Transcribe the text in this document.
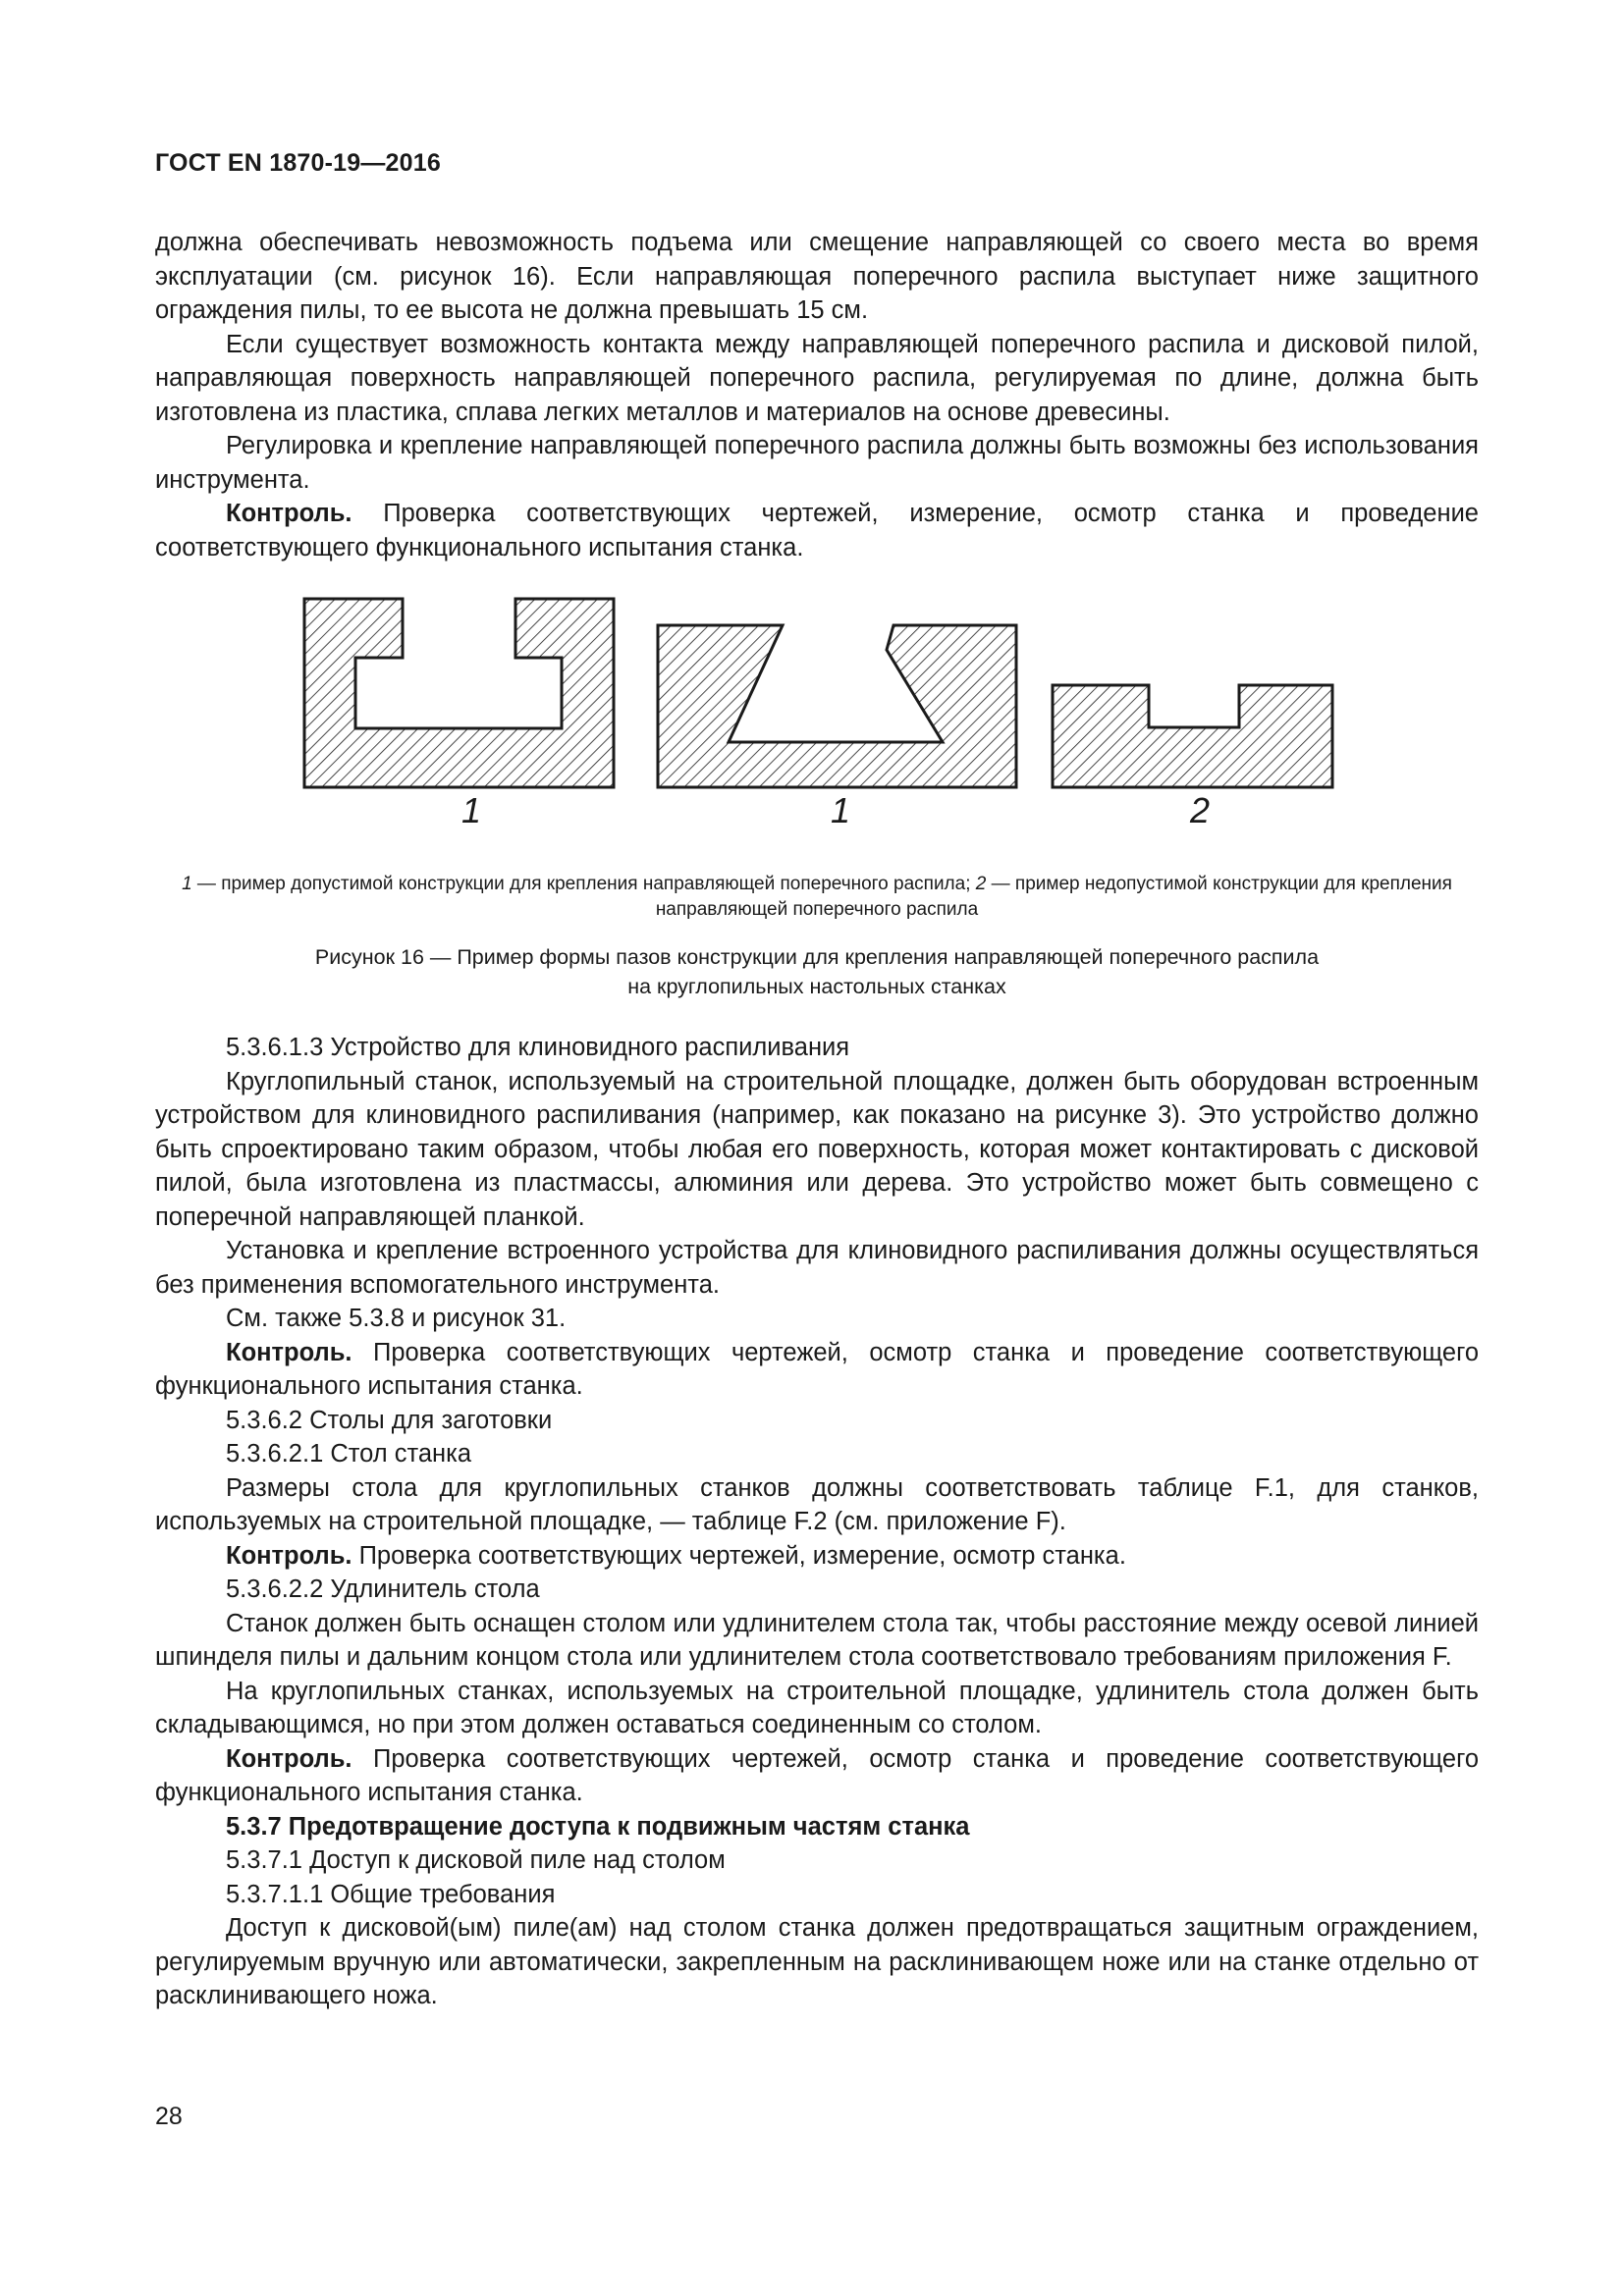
ГОСТ EN 1870-19—2016

должна обеспечивать невозможность подъема или смещение направляющей со своего места во время эксплуатации (см. рисунок 16). Если направляющая поперечного распила выступает ниже защитного ограждения пилы, то ее высота не должна превышать 15 см.

Если существует возможность контакта между направляющей поперечного распила и дисковой пилой, направляющая поверхность направляющей поперечного распила, регулируемая по длине, должна быть изготовлена из пластика, сплава легких металлов и материалов на основе древесины.

Регулировка и крепление направляющей поперечного распила должны быть возможны без использования инструмента.

Контроль. Проверка соответствующих чертежей, измерение, осмотр станка и проведение соответствующего функционального испытания станка.

1	1	2
1 — пример допустимой конструкции для крепления направляющей поперечного распила; 2 — пример недопустимой конструкции для крепления направляющей поперечного распила
Рисунок 16 — Пример формы пазов конструкции для крепления направляющей поперечного распила
на круглопильных настольных станках

5.3.6.1.3 Устройство для клиновидного распиливания

Круглопильный станок, используемый на строительной площадке, должен быть оборудован встроенным устройством для клиновидного распиливания (например, как показано на рисунке 3). Это устройство должно быть спроектировано таким образом, чтобы любая его поверхность, которая может контактировать с дисковой пилой, была изготовлена из пластмассы, алюминия или дерева. Это устройство может быть совмещено с поперечной направляющей планкой.

Установка и крепление встроенного устройства для клиновидного распиливания должны осуществляться без применения вспомогательного инструмента.

См. также 5.3.8 и рисунок 31.

Контроль. Проверка соответствующих чертежей, осмотр станка и проведение соответствующего функционального испытания станка.

5.3.6.2 Столы для заготовки

5.3.6.2.1 Стол станка

Размеры стола для круглопильных станков должны соответствовать таблице F.1, для станков, используемых на строительной площадке, — таблице F.2 (см. приложение F).

Контроль. Проверка соответствующих чертежей, измерение, осмотр станка.

5.3.6.2.2 Удлинитель стола

Станок должен быть оснащен столом или удлинителем стола так, чтобы расстояние между осевой линией шпинделя пилы и дальним концом стола или удлинителем стола соответствовало требованиям приложения F.

На круглопильных станках, используемых на строительной площадке, удлинитель стола должен быть складывающимся, но при этом должен оставаться соединенным со столом.

Контроль. Проверка соответствующих чертежей, осмотр станка и проведение соответствующего функционального испытания станка.

5.3.7 Предотвращение доступа к подвижным частям станка

5.3.7.1 Доступ к дисковой пиле над столом

5.3.7.1.1 Общие требования

Доступ к дисковой(ым) пиле(ам) над столом станка должен предотвращаться защитным ограждением, регулируемым вручную или автоматически, закрепленным на расклинивающем ноже или на станке отдельно от расклинивающего ножа.

28
